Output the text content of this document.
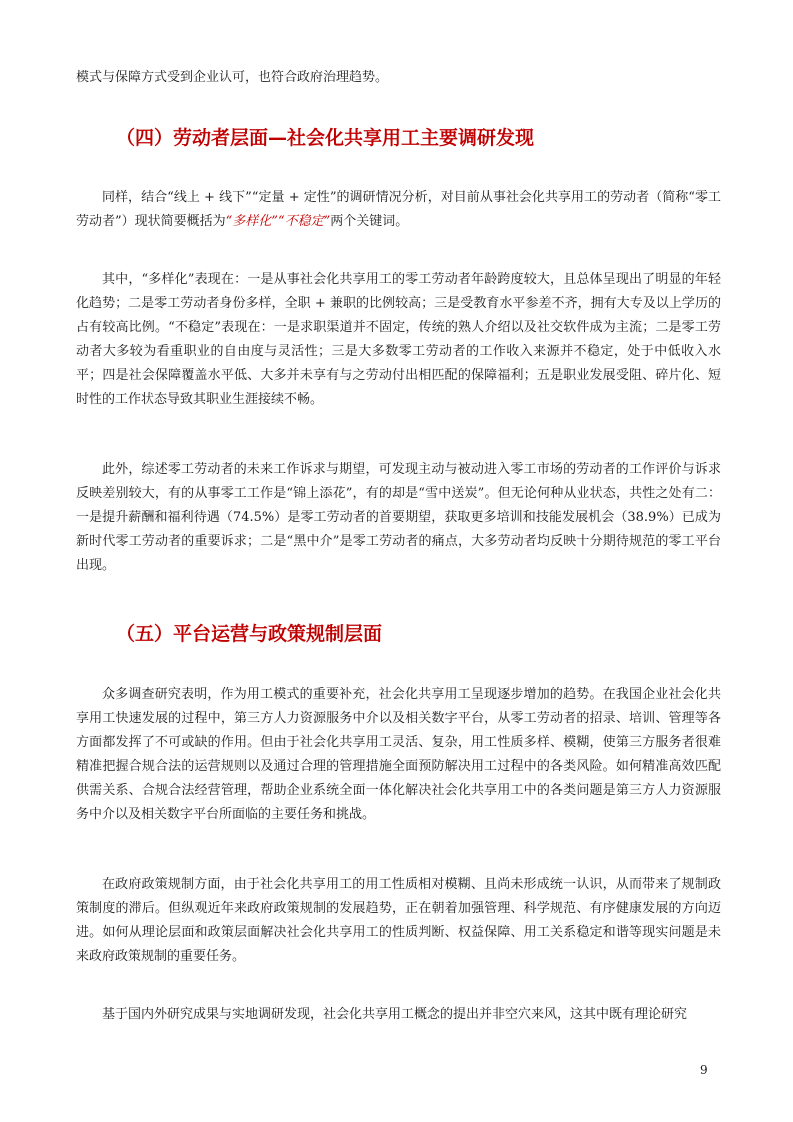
模式与保障方式受到企业认可，也符合政府治理趋势。

（四）劳动者层面—社会化共享用工主要调研发现

同样，结合“线上 + 线下”“定量 + 定性”的调研情况分析，对目前从事社会化共享用工的劳动者（简称“零工劳动者”）现状简要概括为“多样化”“不稳定”两个关键词。

其中，“多样化”表现在：一是从事社会化共享用工的零工劳动者年龄跨度较大，且总体呈现出了明显的年轻化趋势；二是零工劳动者身份多样，全职 + 兼职的比例较高；三是受教育水平参差不齐，拥有大专及以上学历的占有较高比例。“不稳定”表现在：一是求职渠道并不固定，传统的熟人介绍以及社交软件成为主流；二是零工劳动者大多较为看重职业的自由度与灵活性；三是大多数零工劳动者的工作收入来源并不稳定，处于中低收入水平；四是社会保障覆盖水平低、大多并未享有与之劳动付出相匹配的保障福利；五是职业发展受阻、碎片化、短时性的工作状态导致其职业生涯接续不畅。

此外，综述零工劳动者的未来工作诉求与期望，可发现主动与被动进入零工市场的劳动者的工作评价与诉求反映差别较大，有的从事零工工作是“锦上添花”，有的却是“雪中送炭”。但无论何种从业状态，共性之处有二：一是提升薪酬和福利待遇（74.5%）是零工劳动者的首要期望，获取更多培训和技能发展机会（38.9%）已成为新时代零工劳动者的重要诉求；二是“黑中介”是零工劳动者的痛点，大多劳动者均反映十分期待规范的零工平台出现。

（五）平台运营与政策规制层面

众多调查研究表明，作为用工模式的重要补充，社会化共享用工呈现逐步增加的趋势。在我国企业社会化共享用工快速发展的过程中，第三方人力资源服务中介以及相关数字平台，从零工劳动者的招录、培训、管理等各方面都发挥了不可或缺的作用。但由于社会化共享用工灵活、复杂，用工性质多样、模糊，使第三方服务者很难精准把握合规合法的运营规则以及通过合理的管理措施全面预防解决用工过程中的各类风险。如何精准高效匹配供需关系、合规合法经营管理，帮助企业系统全面一体化解决社会化共享用工中的各类问题是第三方人力资源服务中介以及相关数字平台所面临的主要任务和挑战。

在政府政策规制方面，由于社会化共享用工的用工性质相对模糊、且尚未形成统一认识，从而带来了规制政策制度的滞后。但纵观近年来政府政策规制的发展趋势，正在朝着加强管理、科学规范、有序健康发展的方向迈进。如何从理论层面和政策层面解决社会化共享用工的性质判断、权益保障、用工关系稳定和谐等现实问题是未来政府政策规制的重要任务。

基于国内外研究成果与实地调研发现，社会化共享用工概念的提出并非空穴来风，这其中既有理论研究

9
